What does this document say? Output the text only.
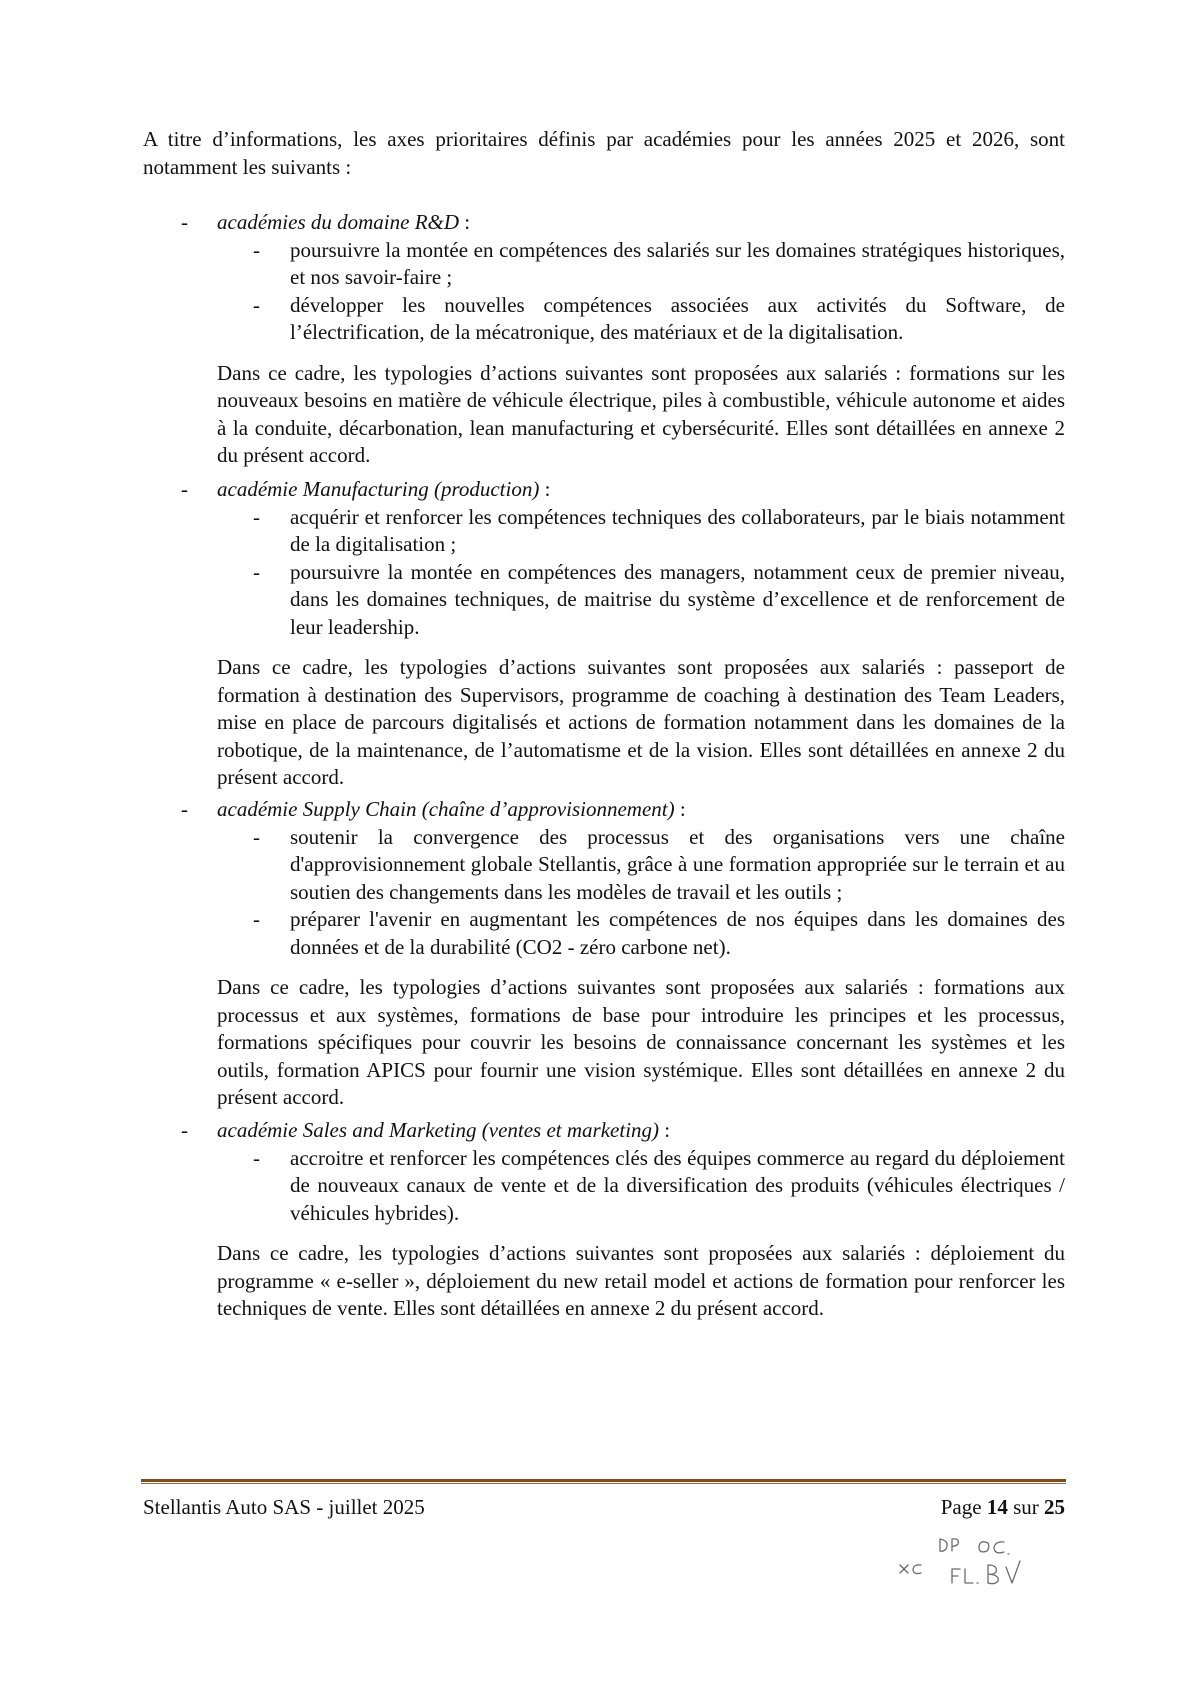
A titre d’informations, les axes prioritaires définis par académies pour les années 2025 et 2026, sont notamment les suivants :

- académies du domaine R&D :
- poursuivre la montée en compétences des salariés sur les domaines stratégiques historiques, et nos savoir-faire ;

- développer les nouvelles compétences associées aux activités du Software, de l’électrification, de la mécatronique, des matériaux et de la digitalisation.

Dans ce cadre, les typologies d’actions suivantes sont proposées aux salariés : formations sur les nouveaux besoins en matière de véhicule électrique, piles à combustible, véhicule autonome et aides à la conduite, décarbonation, lean manufacturing et cybersécurité. Elles sont détaillées en annexe 2 du présent accord.

- académie Manufacturing (production) :
- acquérir et renforcer les compétences techniques des collaborateurs, par le biais notamment de la digitalisation ;

- poursuivre la montée en compétences des managers, notamment ceux de premier niveau, dans les domaines techniques, de maitrise du système d’excellence et de renforcement de leur leadership.

Dans ce cadre, les typologies d’actions suivantes sont proposées aux salariés : passeport de formation à destination des Supervisors, programme de coaching à destination des Team Leaders, mise en place de parcours digitalisés et actions de formation notamment dans les domaines de la robotique, de la maintenance, de l’automatisme et de la vision. Elles sont détaillées en annexe 2 du présent accord.

- académie Supply Chain (chaîne d’approvisionnement) :
- soutenir la convergence des processus et des organisations vers une chaîne d'approvisionnement globale Stellantis, grâce à une formation appropriée sur le terrain et au soutien des changements dans les modèles de travail et les outils ;

- préparer l'avenir en augmentant les compétences de nos équipes dans les domaines des données et de la durabilité (CO2 - zéro carbone net).

Dans ce cadre, les typologies d’actions suivantes sont proposées aux salariés : formations aux processus et aux systèmes, formations de base pour introduire les principes et les processus, formations spécifiques pour couvrir les besoins de connaissance concernant les systèmes et les outils, formation APICS pour fournir une vision systémique. Elles sont détaillées en annexe 2 du présent accord.

- académie Sales and Marketing (ventes et marketing) :
- accroitre et renforcer les compétences clés des équipes commerce au regard du déploiement de nouveaux canaux de vente et de la diversification des produits (véhicules électriques / véhicules hybrides).

Dans ce cadre, les typologies d’actions suivantes sont proposées aux salariés : déploiement du programme « e-seller », déploiement du new retail model et actions de formation pour renforcer les techniques de vente. Elles sont détaillées en annexe 2 du présent accord.

Stellantis Auto SAS - juillet 2025	Page 14 sur 25
